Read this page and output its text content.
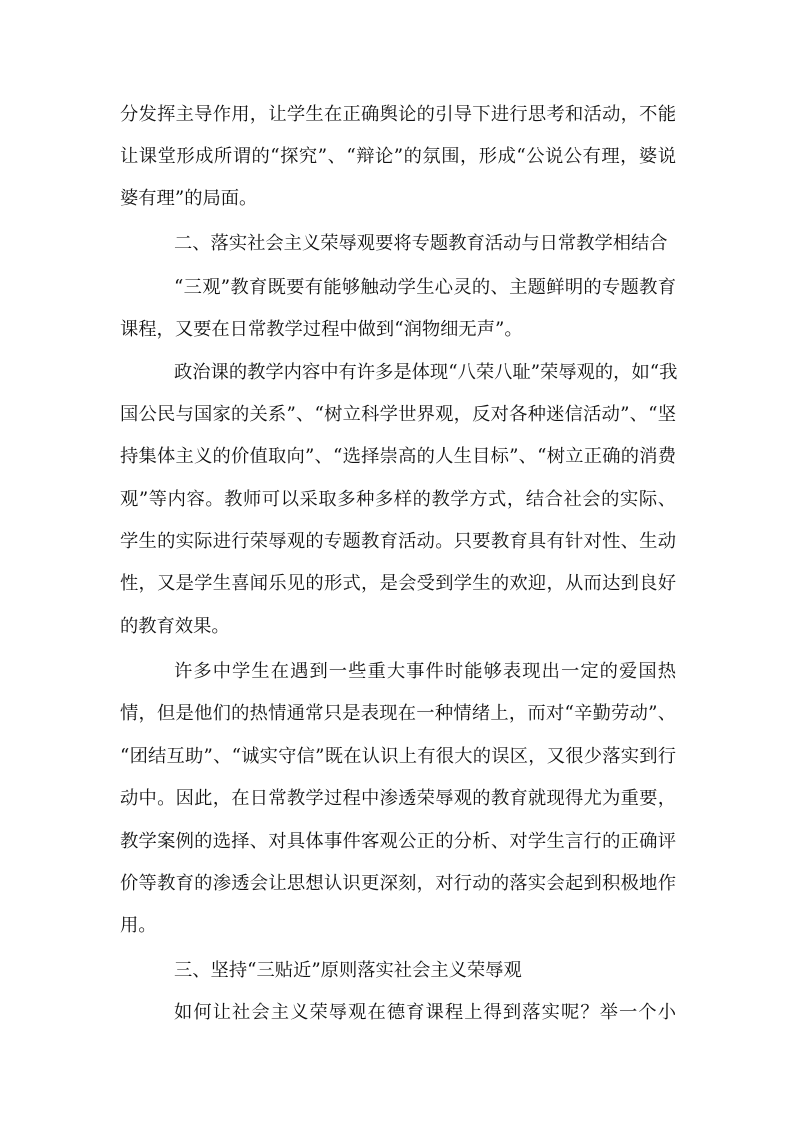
分发挥主导作用，让学生在正确舆论的引导下进行思考和活动，不能
让课堂形成所谓的“探究”、“辩论”的氛围，形成“公说公有理，婆说
婆有理”的局面。
二、落实社会主义荣辱观要将专题教育活动与日常教学相结合
“三观”教育既要有能够触动学生心灵的、主题鲜明的专题教育
课程，又要在日常教学过程中做到“润物细无声”。
政治课的教学内容中有许多是体现“八荣八耻”荣辱观的，如“我
国公民与国家的关系”、“树立科学世界观，反对各种迷信活动”、“坚
持集体主义的价值取向”、“选择崇高的人生目标”、“树立正确的消费
观”等内容。教师可以采取多种多样的教学方式，结合社会的实际、
学生的实际进行荣辱观的专题教育活动。只要教育具有针对性、生动
性，又是学生喜闻乐见的形式，是会受到学生的欢迎，从而达到良好
的教育效果。
许多中学生在遇到一些重大事件时能够表现出一定的爱国热
情，但是他们的热情通常只是表现在一种情绪上，而对“辛勤劳动”、
“团结互助”、“诚实守信”既在认识上有很大的误区，又很少落实到行
动中。因此，在日常教学过程中渗透荣辱观的教育就现得尤为重要，
教学案例的选择、对具体事件客观公正的分析、对学生言行的正确评
价等教育的渗透会让思想认识更深刻，对行动的落实会起到积极地作
用。
三、坚持“三贴近”原则落实社会主义荣辱观
如何让社会主义荣辱观在德育课程上得到落实呢？举一个小
